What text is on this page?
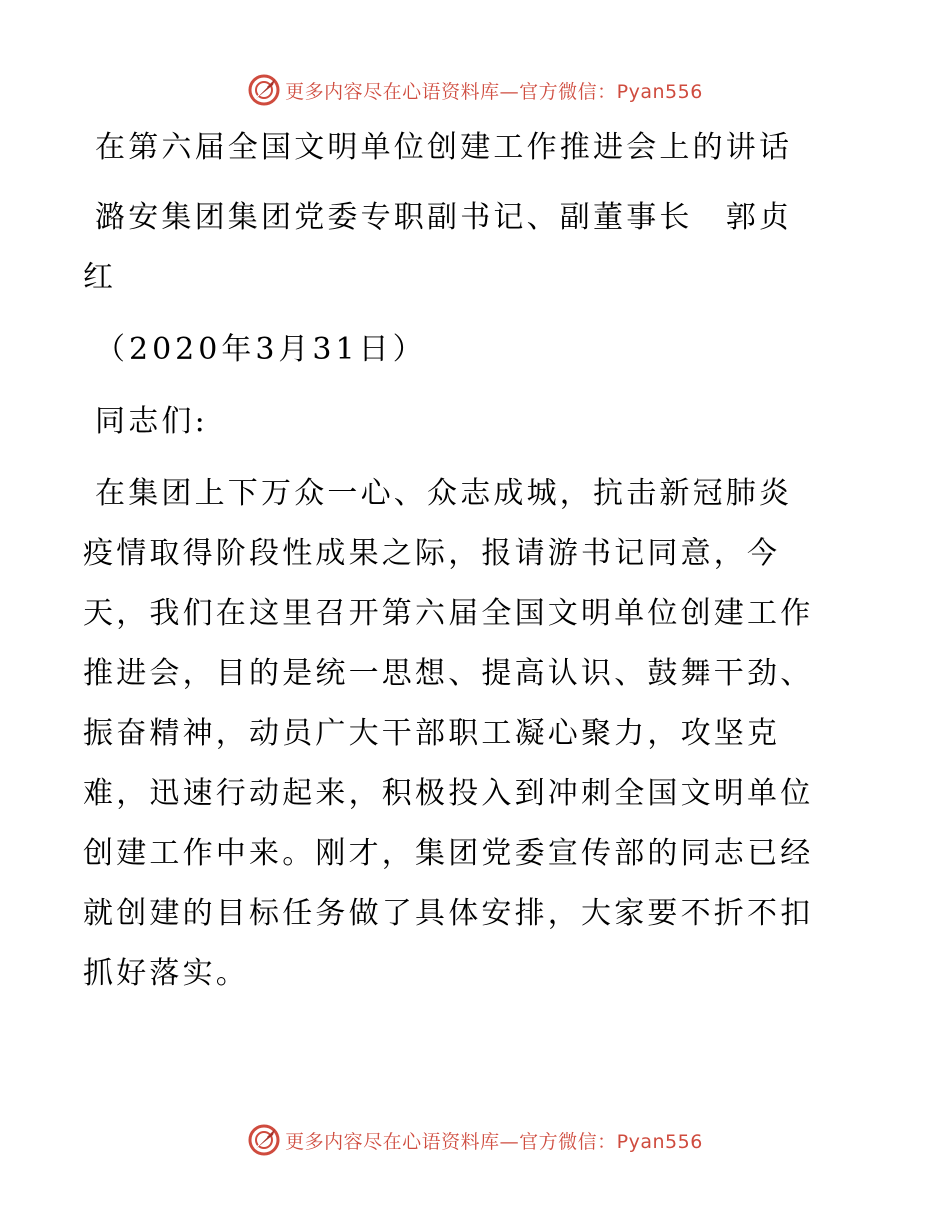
更多内容尽在心语资料库—官方微信：Pyan556

在第六届全国文明单位创建工作推进会上的讲话

潞安集团集团党委专职副书记、副董事长　郭贞

红

（2020年3月31日）

同志们:

在集团上下万众一心、众志成城，抗击新冠肺炎

疫情取得阶段性成果之际，报请游书记同意，今

天，我们在这里召开第六届全国文明单位创建工作

推进会，目的是统一思想、提高认识、鼓舞干劲、

振奋精神，动员广大干部职工凝心聚力，攻坚克

难，迅速行动起来，积极投入到冲刺全国文明单位

创建工作中来。刚才，集团党委宣传部的同志已经

就创建的目标任务做了具体安排，大家要不折不扣

抓好落实。

更多内容尽在心语资料库—官方微信：Pyan556
